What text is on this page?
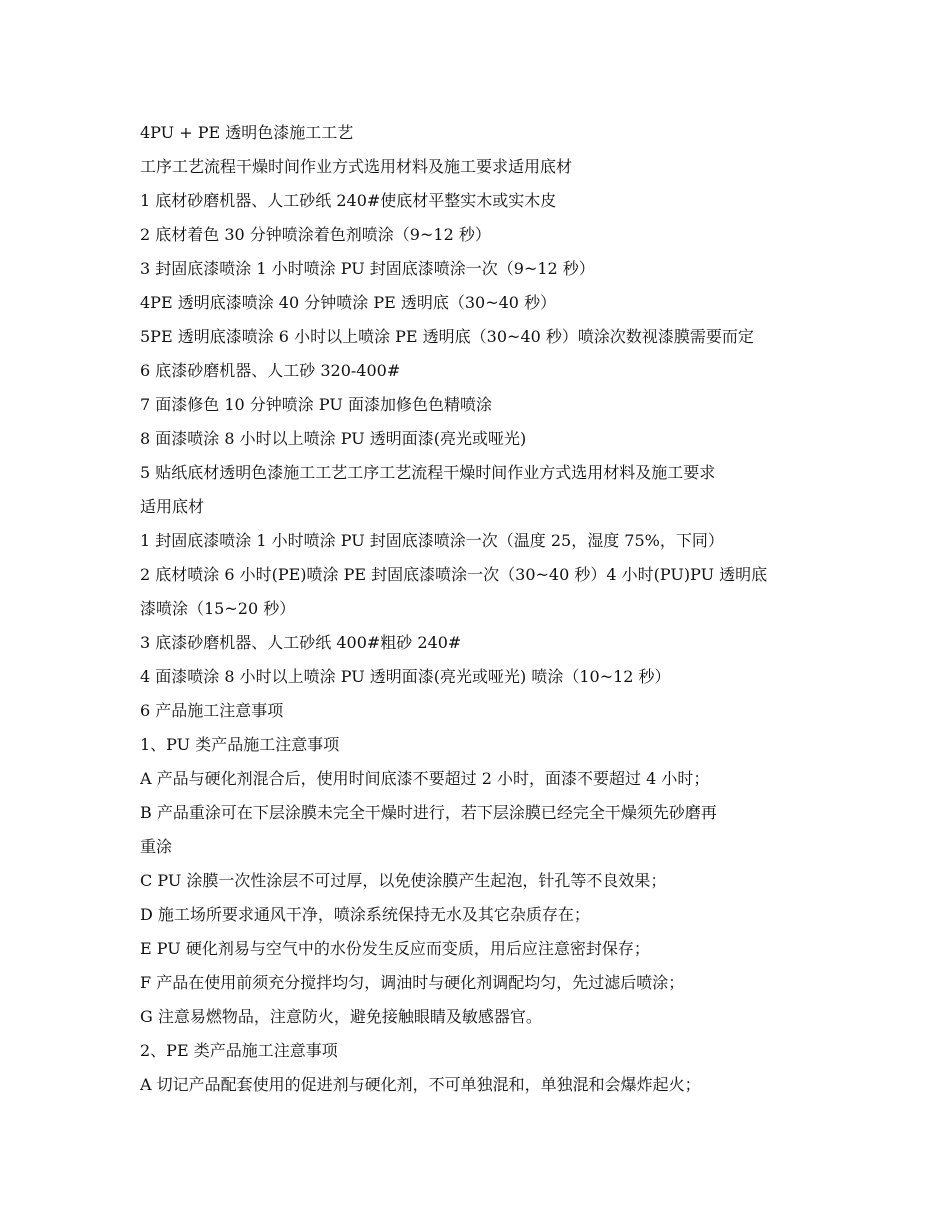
4PU + PE 透明色漆施工工艺
工序工艺流程干燥时间作业方式选用材料及施工要求适用底材
1 底材砂磨机器、人工砂纸 240#使底材平整实木或实木皮
2 底材着色 30 分钟喷涂着色剂喷涂（9~12 秒）
3 封固底漆喷涂 1 小时喷涂 PU 封固底漆喷涂一次（9~12 秒）
4PE 透明底漆喷涂 40 分钟喷涂 PE 透明底（30~40 秒）
5PE 透明底漆喷涂 6 小时以上喷涂 PE 透明底（30~40 秒）喷涂次数视漆膜需要而定
6 底漆砂磨机器、人工砂 320-400#
7 面漆修色 10 分钟喷涂 PU 面漆加修色色精喷涂
8 面漆喷涂 8 小时以上喷涂 PU 透明面漆(亮光或哑光)
5 贴纸底材透明色漆施工工艺工序工艺流程干燥时间作业方式选用材料及施工要求
适用底材
1 封固底漆喷涂 1 小时喷涂 PU 封固底漆喷涂一次（温度 25，湿度 75%，下同）
2 底材喷涂 6 小时(PE)喷涂 PE 封固底漆喷涂一次（30~40 秒）4 小时(PU)PU 透明底
漆喷涂（15~20 秒）
3 底漆砂磨机器、人工砂纸 400#粗砂 240#
4 面漆喷涂 8 小时以上喷涂 PU 透明面漆(亮光或哑光) 喷涂（10~12 秒）
6 产品施工注意事项
1、PU 类产品施工注意事项
A 产品与硬化剂混合后，使用时间底漆不要超过 2 小时，面漆不要超过 4 小时；
B 产品重涂可在下层涂膜未完全干燥时进行，若下层涂膜已经完全干燥须先砂磨再
重涂
C PU 涂膜一次性涂层不可过厚，以免使涂膜产生起泡，针孔等不良效果；
D 施工场所要求通风干净，喷涂系统保持无水及其它杂质存在；
E PU 硬化剂易与空气中的水份发生反应而变质，用后应注意密封保存；
F 产品在使用前须充分搅拌均匀，调油时与硬化剂调配均匀，先过滤后喷涂；
G 注意易燃物品，注意防火，避免接触眼睛及敏感器官。
2、PE 类产品施工注意事项
A 切记产品配套使用的促进剂与硬化剂，不可单独混和，单独混和会爆炸起火；
